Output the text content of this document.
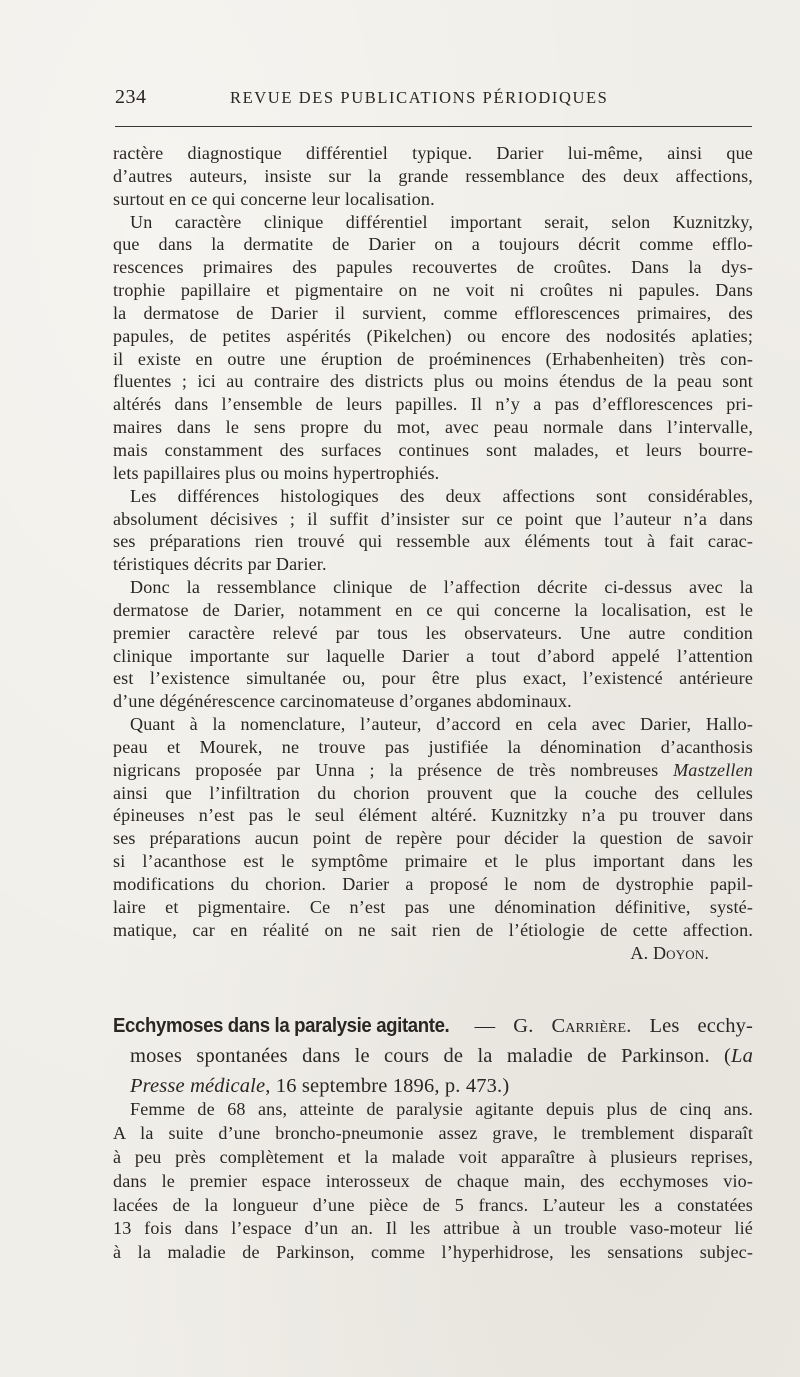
234	REVUE DES PUBLICATIONS PÉRIODIQUES
ractère diagnostique différentiel typique. Darier lui-même, ainsi que
d’autres auteurs, insiste sur la grande ressemblance des deux affections,
surtout en ce qui concerne leur localisation.
Un caractère clinique différentiel important serait, selon Kuznitzky,
que dans la dermatite de Darier on a toujours décrit comme efflo-
rescences primaires des papules recouvertes de croûtes. Dans la dys-
trophie papillaire et pigmentaire on ne voit ni croûtes ni papules. Dans
la dermatose de Darier il survient, comme efflorescences primaires, des
papules, de petites aspérités (Pikelchen) ou encore des nodosités aplaties;
il existe en outre une éruption de proéminences (Erhabenheiten) très con-
fluentes ; ici au contraire des districts plus ou moins étendus de la peau sont
altérés dans l’ensemble de leurs papilles. Il n’y a pas d’efflorescences pri-
maires dans le sens propre du mot, avec peau normale dans l’intervalle,
mais constamment des surfaces continues sont malades, et leurs bourre-
lets papillaires plus ou moins hypertrophiés.
Les différences histologiques des deux affections sont considérables,
absolument décisives ; il suffit d’insister sur ce point que l’auteur n’a dans
ses préparations rien trouvé qui ressemble aux éléments tout à fait carac-
téristiques décrits par Darier.
Donc la ressemblance clinique de l’affection décrite ci-dessus avec la
dermatose de Darier, notamment en ce qui concerne la localisation, est le
premier caractère relevé par tous les observateurs. Une autre condition
clinique importante sur laquelle Darier a tout d’abord appelé l’attention
est l’existence simultanée ou, pour être plus exact, l’existencé antérieure
d’une dégénérescence carcinomateuse d’organes abdominaux.
Quant à la nomenclature, l’auteur, d’accord en cela avec Darier, Hallo-
peau et Mourek, ne trouve pas justifiée la dénomination d’acanthosis
nigricans proposée par Unna ; la présence de très nombreuses Mastzellen
ainsi que l’infiltration du chorion prouvent que la couche des cellules
épineuses n’est pas le seul élément altéré. Kuznitzky n’a pu trouver dans
ses préparations aucun point de repère pour décider la question de savoir
si l’acanthose est le symptôme primaire et le plus important dans les
modifications du chorion. Darier a proposé le nom de dystrophie papil-
laire et pigmentaire. Ce n’est pas une dénomination définitive, systé-
matique, car en réalité on ne sait rien de l’étiologie de cette affection.
A. Doyon.
Ecchymoses dans la paralysie agitante. — G. Carrière. Les ecchy-
moses spontanées dans le cours de la maladie de Parkinson. (La
Presse médicale, 16 septembre 1896, p. 473.)
Femme de 68 ans, atteinte de paralysie agitante depuis plus de cinq ans.
A la suite d’une broncho-pneumonie assez grave, le tremblement disparaît
à peu près complètement et la malade voit apparaître à plusieurs reprises,
dans le premier espace interosseux de chaque main, des ecchymoses vio-
lacées de la longueur d’une pièce de 5 francs. L’auteur les a constatées
13 fois dans l’espace d’un an. Il les attribue à un trouble vaso-moteur lié
à la maladie de Parkinson, comme l’hyperhidrose, les sensations subjec-
